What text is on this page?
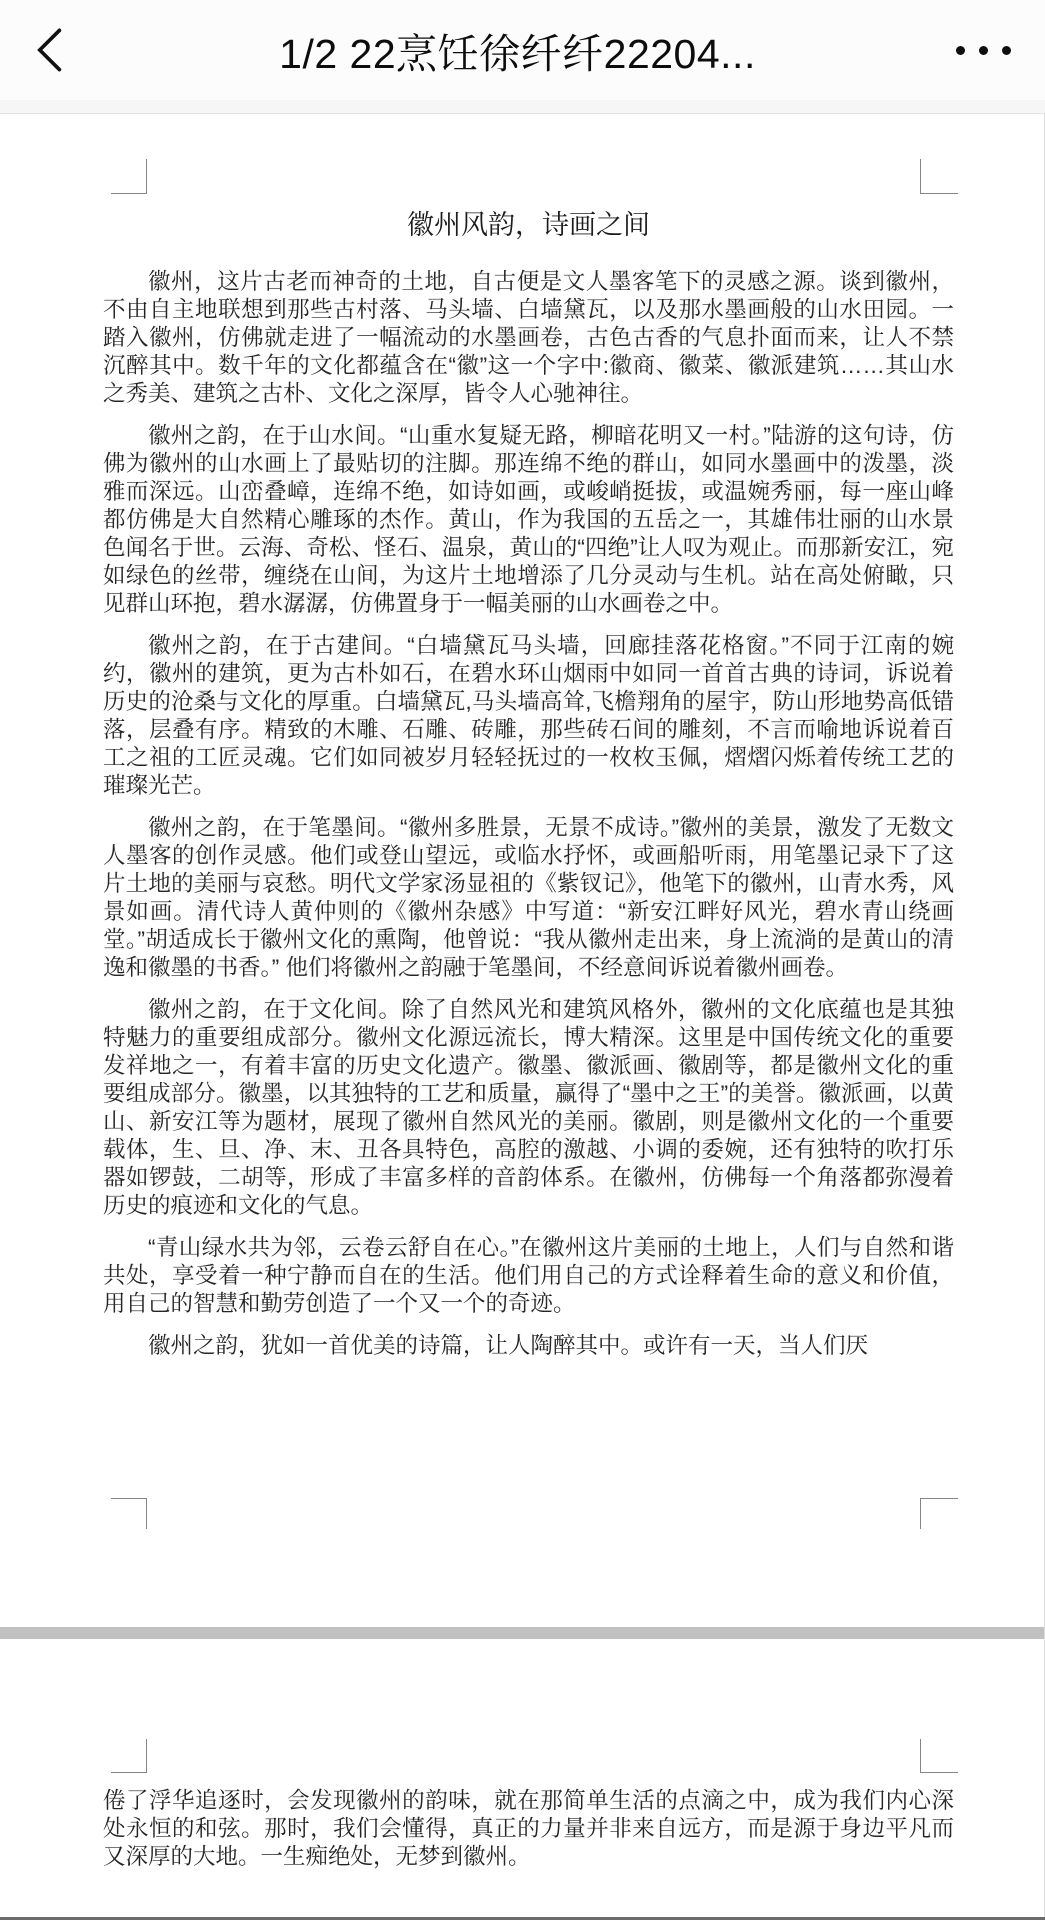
1/2 22烹饪徐纤纤22204...
徽州风韵，诗画之间

徽州，这片古老而神奇的土地，自古便是文人墨客笔下的灵感之源。谈到徽州，不由自主地联想到那些古村落、马头墙、白墙黛瓦，以及那水墨画般的山水田园。一踏入徽州，仿佛就走进了一幅流动的水墨画卷，古色古香的气息扑面而来，让人不禁沉醉其中。数千年的文化都蕴含在“徽”这一个字中:徽商、徽菜、徽派建筑……其山水之秀美、建筑之古朴、文化之深厚，皆令人心驰神往。

徽州之韵，在于山水间。“山重水复疑无路，柳暗花明又一村。”陆游的这句诗，仿佛为徽州的山水画上了最贴切的注脚。那连绵不绝的群山，如同水墨画中的泼墨，淡雅而深远。山峦叠嶂，连绵不绝，如诗如画，或峻峭挺拔，或温婉秀丽，每一座山峰都仿佛是大自然精心雕琢的杰作。黄山，作为我国的五岳之一，其雄伟壮丽的山水景色闻名于世。云海、奇松、怪石、温泉，黄山的“四绝”让人叹为观止。而那新安江，宛如绿色的丝带，缠绕在山间，为这片土地增添了几分灵动与生机。站在高处俯瞰，只见群山环抱，碧水潺潺，仿佛置身于一幅美丽的山水画卷之中。

徽州之韵，在于古建间。“白墙黛瓦马头墙，回廊挂落花格窗。”不同于江南的婉约，徽州的建筑，更为古朴如石，在碧水环山烟雨中如同一首首古典的诗词，诉说着历史的沧桑与文化的厚重。白墙黛瓦,马头墙高耸,飞檐翔角的屋宇，防山形地势高低错落，层叠有序。精致的木雕、石雕、砖雕，那些砖石间的雕刻，不言而喻地诉说着百工之祖的工匠灵魂。它们如同被岁月轻轻抚过的一枚枚玉佩，熠熠闪烁着传统工艺的璀璨光芒。

徽州之韵，在于笔墨间。“徽州多胜景，无景不成诗。”徽州的美景，激发了无数文人墨客的创作灵感。他们或登山望远，或临水抒怀，或画船听雨，用笔墨记录下了这片土地的美丽与哀愁。明代文学家汤显祖的《紫钗记》，他笔下的徽州，山青水秀，风景如画。清代诗人黄仲则的《徽州杂感》中写道：“新安江畔好风光，碧水青山绕画堂。”胡适成长于徽州文化的熏陶，他曾说：“我从徽州走出来，身上流淌的是黄山的清逸和徽墨的书香。” 他们将徽州之韵融于笔墨间，不经意间诉说着徽州画卷。

徽州之韵，在于文化间。除了自然风光和建筑风格外，徽州的文化底蕴也是其独特魅力的重要组成部分。徽州文化源远流长，博大精深。这里是中国传统文化的重要发祥地之一，有着丰富的历史文化遗产。徽墨、徽派画、徽剧等，都是徽州文化的重要组成部分。徽墨，以其独特的工艺和质量，赢得了“墨中之王”的美誉。徽派画，以黄山、新安江等为题材，展现了徽州自然风光的美丽。徽剧，则是徽州文化的一个重要载体，生、旦、净、末、丑各具特色，高腔的激越、小调的委婉，还有独特的吹打乐器如锣鼓，二胡等，形成了丰富多样的音韵体系。在徽州，仿佛每一个角落都弥漫着历史的痕迹和文化的气息。

“青山绿水共为邻，云卷云舒自在心。”在徽州这片美丽的土地上，人们与自然和谐共处，享受着一种宁静而自在的生活。他们用自己的方式诠释着生命的意义和价值，用自己的智慧和勤劳创造了一个又一个的奇迹。

徽州之韵，犹如一首优美的诗篇，让人陶醉其中。或许有一天，当人们厌

倦了浮华追逐时，会发现徽州的韵味，就在那简单生活的点滴之中，成为我们内心深处永恒的和弦。那时，我们会懂得，真正的力量并非来自远方，而是源于身边平凡而又深厚的大地。一生痴绝处，无梦到徽州。
